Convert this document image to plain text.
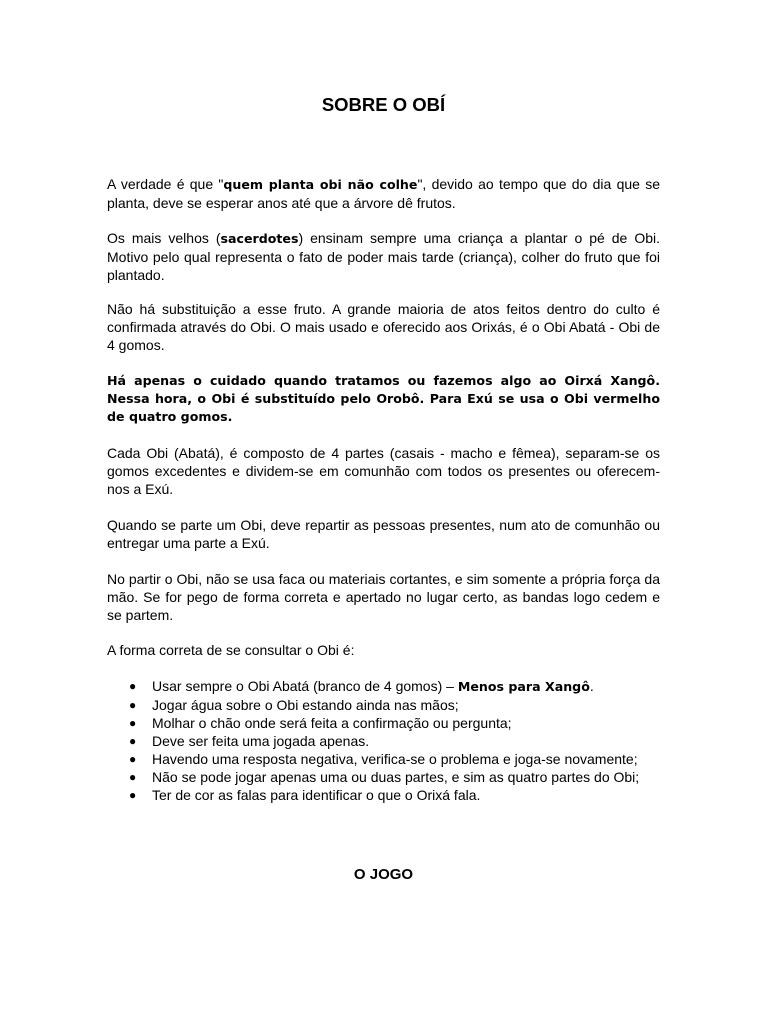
SOBRE O OBÍ

A verdade é que "quem planta obi não colhe", devido ao tempo que do dia que se planta, deve se esperar anos até que a árvore dê frutos.

Os mais velhos (sacerdotes) ensinam sempre uma criança a plantar o pé de Obi. Motivo pelo qual representa o fato de poder mais tarde (criança), colher do fruto que foi plantado.

Não há substituição a esse fruto. A grande maioria de atos feitos dentro do culto é confirmada através do Obi. O mais usado e oferecido aos Orixás, é o Obi Abatá - Obi de 4 gomos.

Há apenas o cuidado quando tratamos ou fazemos algo ao Oirxá Xangô. Nessa hora, o Obi é substituído pelo Orobô. Para Exú se usa o Obi vermelho de quatro gomos.

Cada Obi (Abatá), é composto de 4 partes (casais - macho e fêmea), separam-se os gomos excedentes e dividem-se em comunhão com todos os presentes ou oferecem-nos a Exú.

Quando se parte um Obi, deve repartir as pessoas presentes, num ato de comunhão ou entregar uma parte a Exú.

No partir o Obi, não se usa faca ou materiais cortantes, e sim somente a própria força da mão. Se for pego de forma correta e apertado no lugar certo, as bandas logo cedem e se partem.

A forma correta de se consultar o Obi é:

● Usar sempre o Obi Abatá (branco de 4 gomos) – Menos para Xangô.
● Jogar água sobre o Obi estando ainda nas mãos;
● Molhar o chão onde será feita a confirmação ou pergunta;
● Deve ser feita uma jogada apenas.
● Havendo uma resposta negativa, verifica-se o problema e joga-se novamente;
● Não se pode jogar apenas uma ou duas partes, e sim as quatro partes do Obi;
● Ter de cor as falas para identificar o que o Orixá fala.
O JOGO
